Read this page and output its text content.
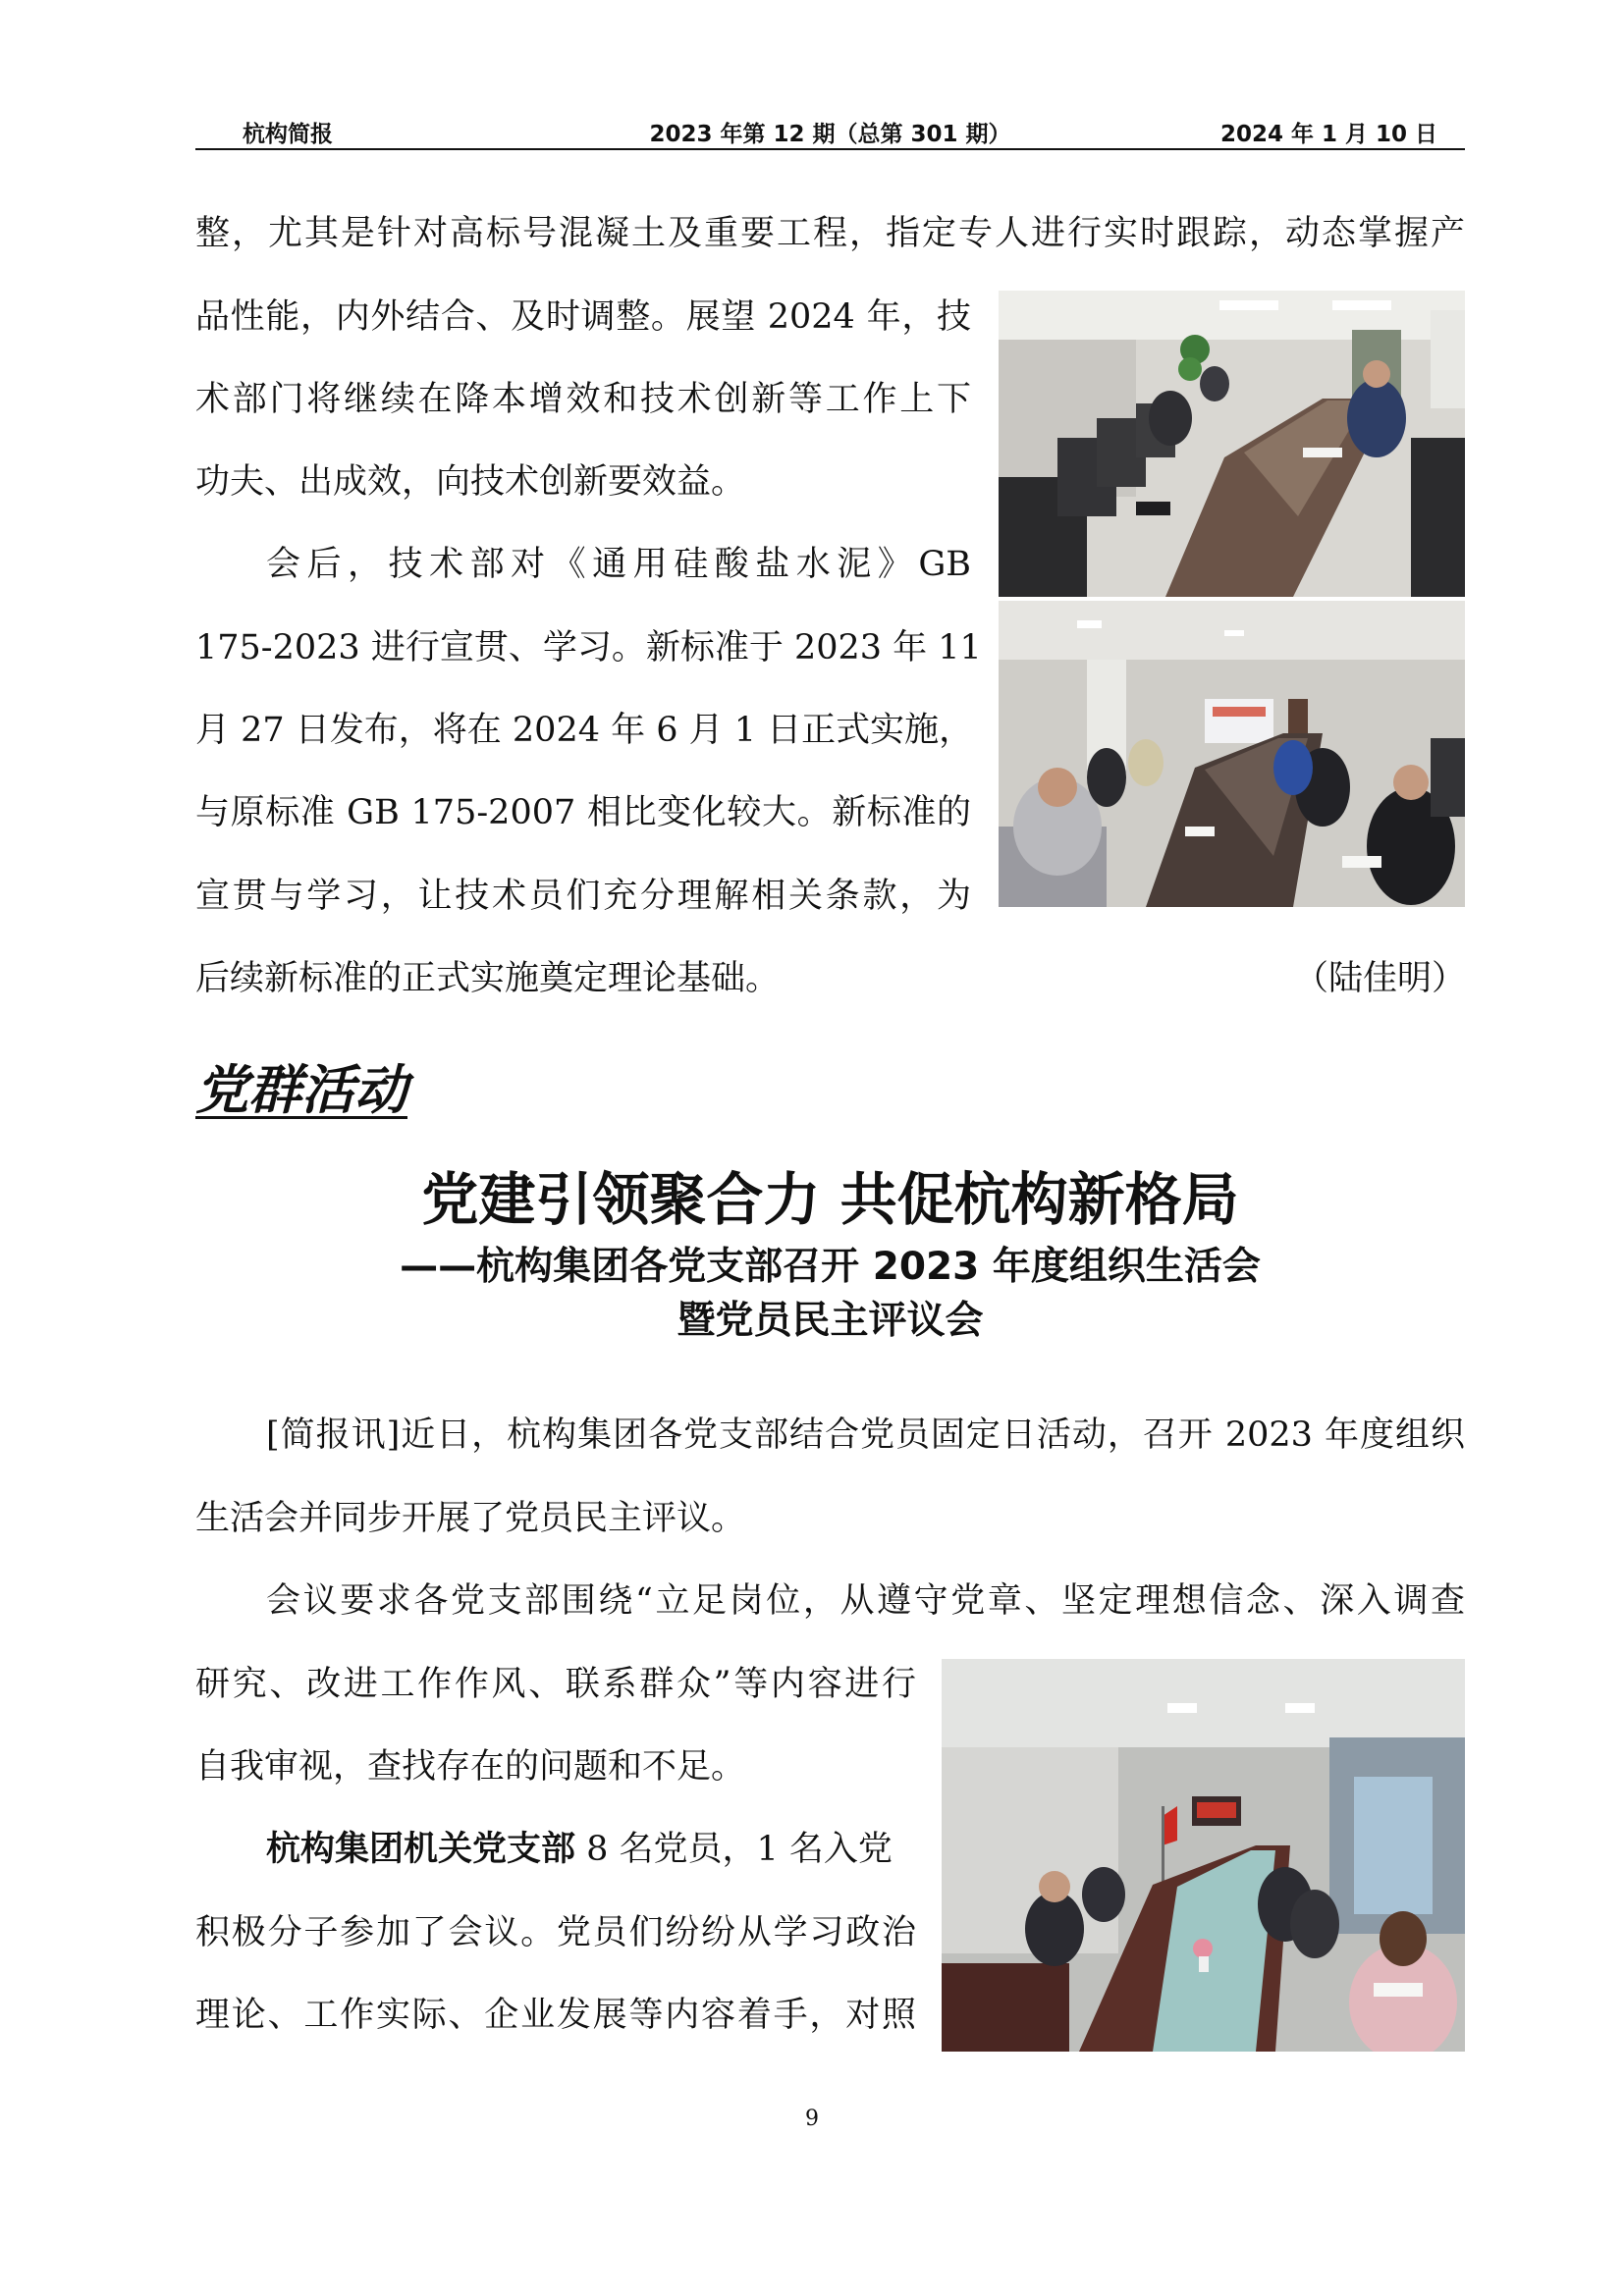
杭构简报	2023 年第 12 期（总第 301 期）	2024 年 1 月 10 日
整，尤其是针对高标号混凝土及重要工程，指定专人进行实时跟踪，动态掌握产
品性能，内外结合、及时调整。展望 2024 年，技
术部门将继续在降本增效和技术创新等工作上下
功夫、出成效，向技术创新要效益。
会后，技术部对《通用硅酸盐水泥》GB
175-2023 进行宣贯、学习。新标准于 2023 年 11
月 27 日发布，将在 2024 年 6 月 1 日正式实施，
与原标准 GB 175-2007 相比变化较大。新标准的
宣贯与学习，让技术员们充分理解相关条款，为
后续新标准的正式实施奠定理论基础。	（陆佳明）
党群活动
党建引领聚合力 共促杭构新格局
——杭构集团各党支部召开 2023 年度组织生活会
暨党员民主评议会
[简报讯]近日，杭构集团各党支部结合党员固定日活动，召开 2023 年度组织
生活会并同步开展了党员民主评议。
会议要求各党支部围绕“立足岗位，从遵守党章、坚定理想信念、深入调查
研究、改进工作作风、联系群众”等内容进行
自我审视，查找存在的问题和不足。
杭构集团机关党支部 8 名党员，1 名入党
积极分子参加了会议。党员们纷纷从学习政治
理论、工作实际、企业发展等内容着手，对照
9
